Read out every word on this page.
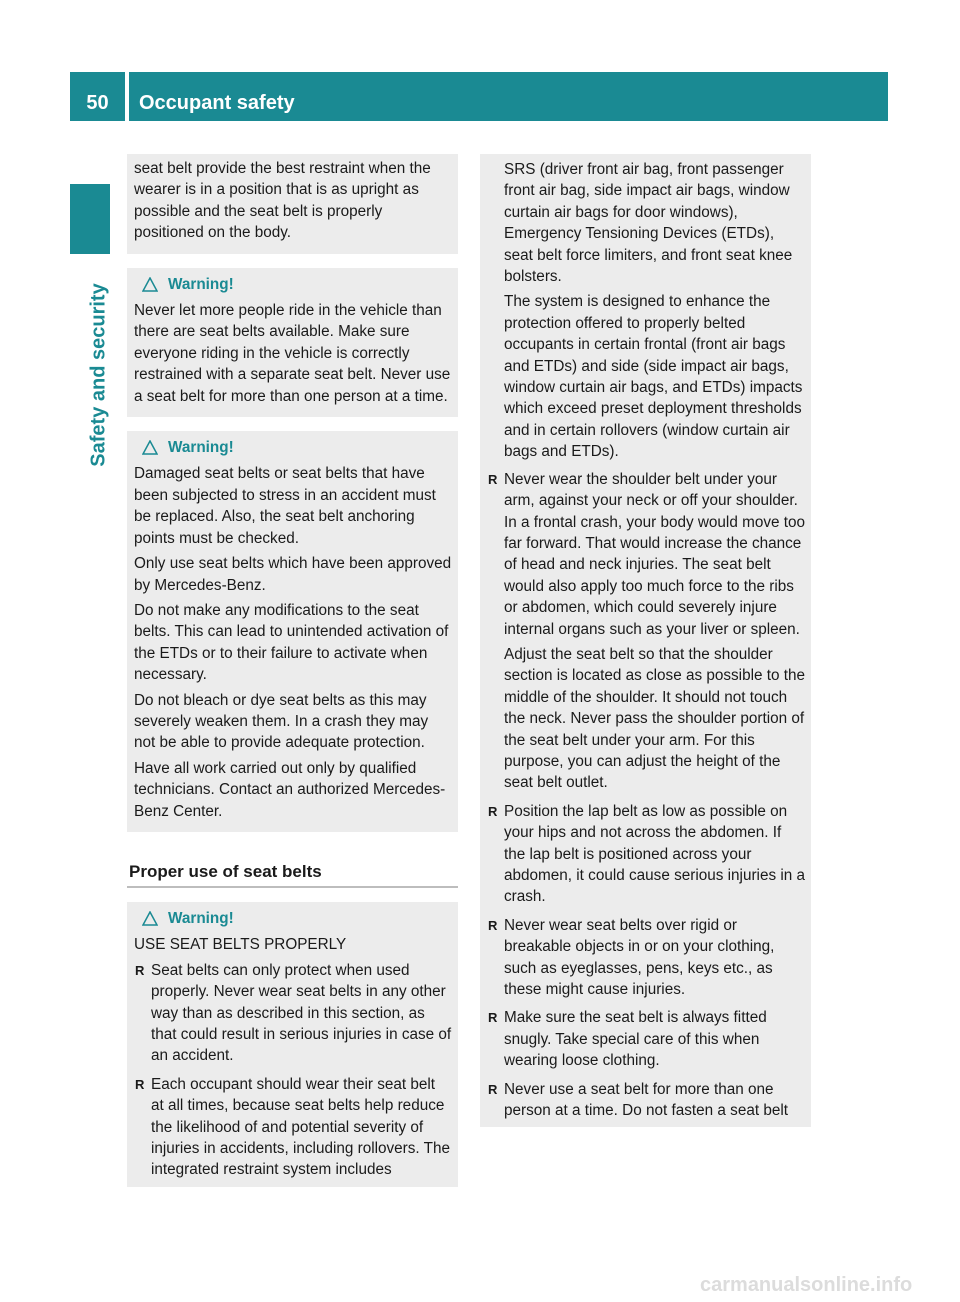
50	Occupant safety
Safety and security

seat belt provide the best restraint when the wearer is in a position that is as upright as possible and the seat belt is properly positioned on the body.

Warning!

Never let more people ride in the vehicle than there are seat belts available. Make sure everyone riding in the vehicle is correctly restrained with a separate seat belt. Never use a seat belt for more than one person at a time.

Warning!

Damaged seat belts or seat belts that have been subjected to stress in an accident must be replaced. Also, the seat belt anchoring points must be checked.

Only use seat belts which have been approved by Mercedes-Benz.

Do not make any modifications to the seat belts. This can lead to unintended activation of the ETDs or to their failure to activate when necessary.

Do not bleach or dye seat belts as this may severely weaken them. In a crash they may not be able to provide adequate protection.

Have all work carried out only by qualified technicians. Contact an authorized Mercedes-Benz Center.

Proper use of seat belts
Warning!

USE SEAT BELTS PROPERLY

R Seat belts can only protect when used properly. Never wear seat belts in any other way than as described in this section, as that could result in serious injuries in case of an accident.
R Each occupant should wear their seat belt at all times, because seat belts help reduce the likelihood of and potential severity of injuries in accidents, including rollovers. The integrated restraint system includes

SRS (driver front air bag, front passenger front air bag, side impact air bags, window curtain air bags for door windows), Emergency Tensioning Devices (ETDs), seat belt force limiters, and front seat knee bolsters.

The system is designed to enhance the protection offered to properly belted occupants in certain frontal (front air bags and ETDs) and side (side impact air bags, window curtain air bags, and ETDs) impacts which exceed preset deployment thresholds and in certain rollovers (window curtain air bags and ETDs).

R Never wear the shoulder belt under your arm, against your neck or off your shoulder. In a frontal crash, your body would move too far forward. That would increase the chance of head and neck injuries. The seat belt would also apply too much force to the ribs or abdomen, which could severely injure internal organs such as your liver or spleen.

Adjust the seat belt so that the shoulder section is located as close as possible to the middle of the shoulder. It should not touch the neck. Never pass the shoulder portion of the seat belt under your arm. For this purpose, you can adjust the height of the seat belt outlet.

R Position the lap belt as low as possible on your hips and not across the abdomen. If the lap belt is positioned across your abdomen, it could cause serious injuries in a crash.
R Never wear seat belts over rigid or breakable objects in or on your clothing, such as eyeglasses, pens, keys etc., as these might cause injuries.
R Make sure the seat belt is always fitted snugly. Take special care of this when wearing loose clothing.
R Never use a seat belt for more than one person at a time. Do not fasten a seat belt
carmanualsonline.info
